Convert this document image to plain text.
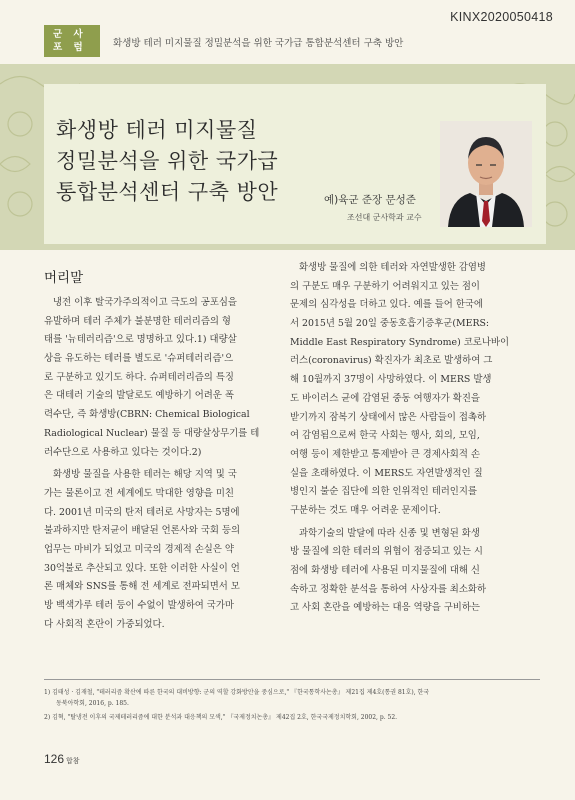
KINX2020050418
군 사
포 럼	화생방 테러 미지물질 정밀분석을 위한 국가급 통합분석센터 구축 방안
화생방 테러 미지물질
정밀분석을 위한 국가급
통합분석센터 구축 방안	예)육군 준장 문성준
조선대 군사학과 교수
머리말
냉전 이후 탈국가주의적이고 극도의 공포심을
유발하며 테러 주체가 불분명한 테러리즘의 형
태를 '뉴테러리즘'으로 명명하고 있다.1) 대량살
상을 유도하는 테러를 별도로 '슈퍼테러리즘'으
로 구분하고 있기도 하다. 슈퍼테러리즘의 특징
은 대테러 기술의 발달로도 예방하기 어려운 폭
력수단, 즉 화생방(CBRN: Chemical Biological
Radiological Nuclear) 물질 등 대량살상무기를 테
러수단으로 사용하고 있다는 것이다.2)
화생방 물질을 사용한 테러는 해당 지역 및 국
가는 물론이고 전 세계에도 막대한 영향을 미친
다. 2001년 미국의 탄저 테러로 사망자는 5명에
불과하지만 탄저균이 배달된 언론사와 국회 등의
업무는 마비가 되었고 미국의 경제적 손실은 약
30억불로 추산되고 있다. 또한 이러한 사실이 언
론 매체와 SNS를 통해 전 세계로 전파되면서 모
방 백색가루 테러 등이 수없이 발생하여 국가마
다 사회적 혼란이 가중되었다.
화생방 물질에 의한 테러와 자연발생한 감염병
의 구분도 매우 구분하기 어려워지고 있는 점이
문제의 심각성을 더하고 있다. 예를 들어 한국에
서 2015년 5월 20일 중동호흡기증후군(MERS:
Middle East Respiratory Syndrome) 코로나바이
러스(coronavirus) 확진자가 최초로 발생하여 그
해 10월까지 37명이 사망하였다. 이 MERS 발생
도 바이러스 균에 감염된 중동 여행자가 확진을
받기까지 잠복기 상태에서 많은 사람들이 접촉하
여 감염됨으로써 한국 사회는 행사, 회의, 모임,
여행 등이 제한받고 통제받아 큰 경제사회적 손
실을 초래하였다. 이 MERS도 자연발생적인 질
병인지 불순 집단에 의한 인위적인 테러인지를
구분하는 것도 매우 어려운 문제이다.
과학기술의 발달에 따라 신종 및 변형된 화생
방 물질에 의한 테러의 위협이 점증되고 있는 시
점에 화생방 테러에 사용된 미지물질에 대해 신
속하고 정확한 분석을 통하여 사상자를 최소화하
고 사회 혼란을 예방하는 대응 역량을 구비하는
1) 김태성 · 김재철, "테러리즘 확산에 따른 한국의 대비방향: 군의 역할 강화방안을 중심으로," 『한국통학사논총』 제21집 제4호(통권 81호), 한국
동북아학회, 2016, p. 185.
2) 김혁, "탈냉전 이후의 국제테러리즘에 대한 분석과 대응책의 모색," 『국제정치논총』 제42집 2호, 한국국제정치학회, 2002, p. 52.
126 합참
